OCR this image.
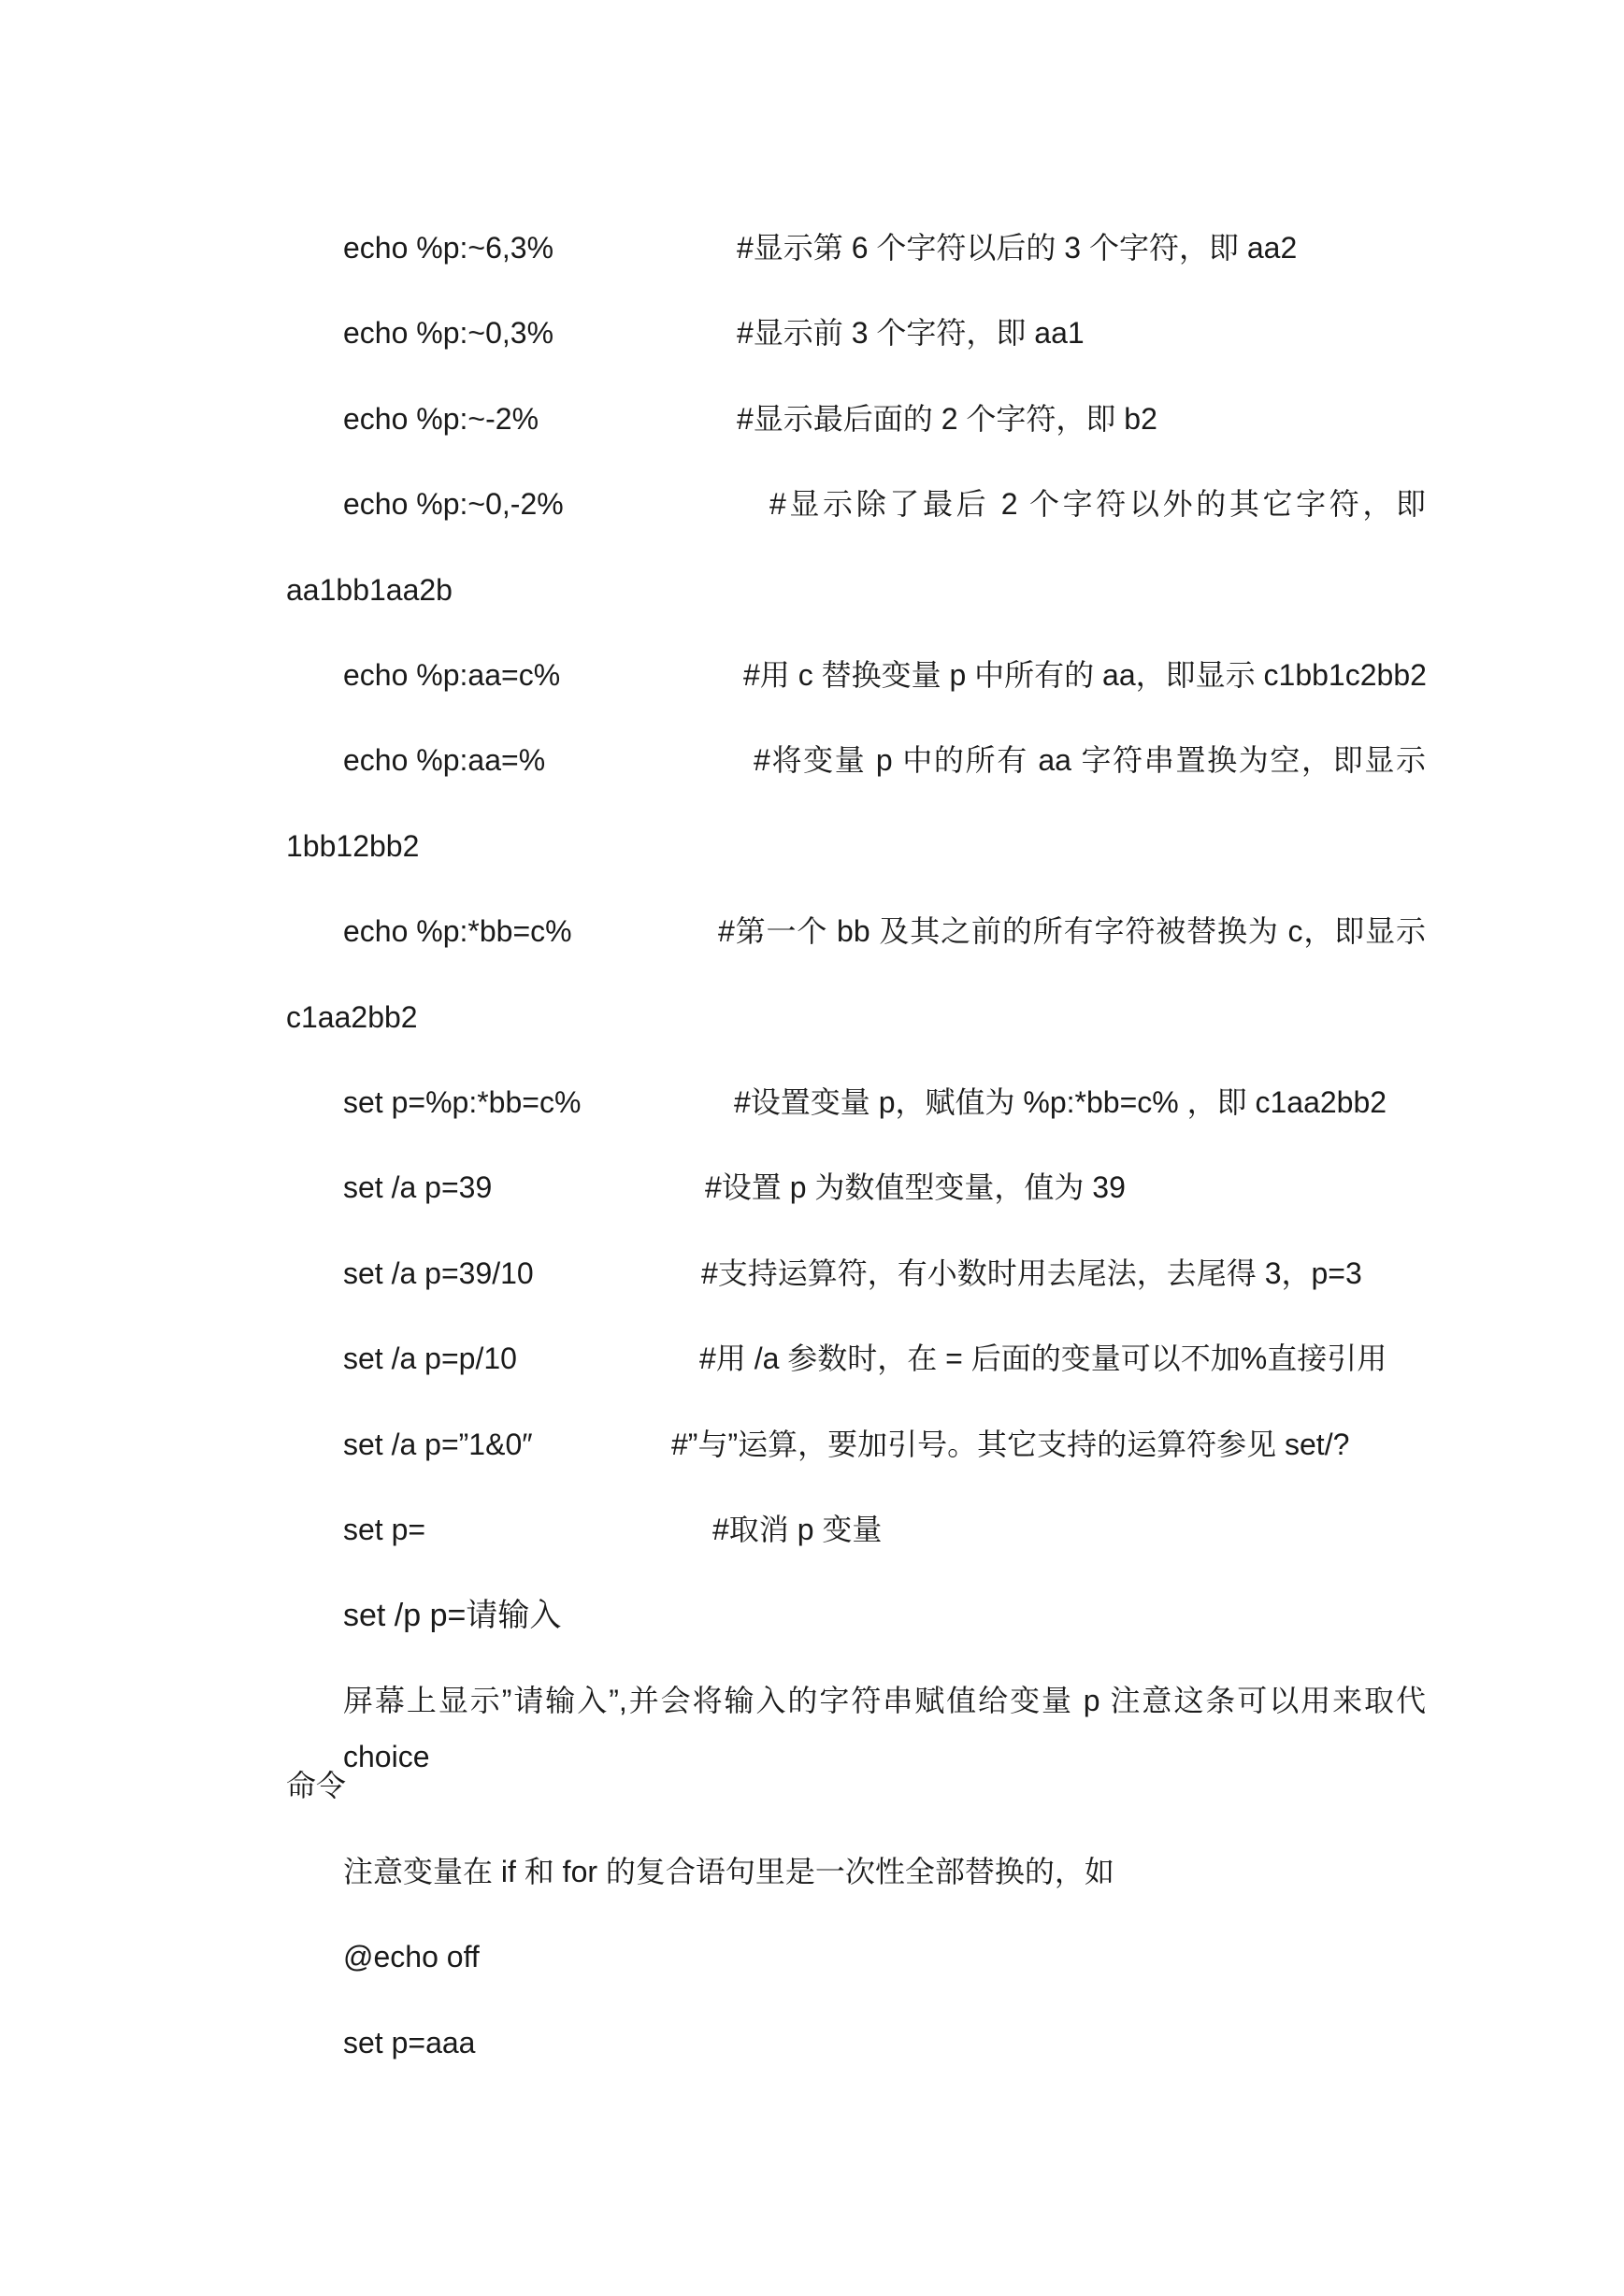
echo %p:~6,3%	#显示第 6 个字符以后的 3 个字符，即 aa2
echo %p:~0,3%	#显示前 3 个字符，即 aa1
echo %p:~-2%	#显示最后面的 2 个字符，即 b2
echo %p:~0,-2%	#显示除了最后 2 个字符以外的其它字符，即
aa1bb1aa2b
echo %p:aa=c%	#用 c 替换变量 p 中所有的 aa，即显示 c1bb1c2bb2
echo %p:aa=%	#将变量 p 中的所有 aa 字符串置换为空，即显示
1bb12bb2
echo %p:*bb=c%	#第一个 bb 及其之前的所有字符被替换为 c，即显示
c1aa2bb2
set p=%p:*bb=c%	#设置变量 p，赋值为 %p:*bb=c% ，即 c1aa2bb2
set /a p=39	#设置 p 为数值型变量，值为 39
set /a p=39/10	#支持运算符，有小数时用去尾法，去尾得 3，p=3
set /a p=p/10	#用 /a 参数时，在 = 后面的变量可以不加%直接引用
set /a p=”1&0″	#”与”运算，要加引号。其它支持的运算符参见 set/?
set p=	#取消 p 变量
set /p p=请输入
屏幕上显示”请输入”,并会将输入的字符串赋值给变量 p 注意这条可以用来取代 choice
命令
注意变量在 if 和 for 的复合语句里是一次性全部替换的，如
@echo off
set p=aaa
